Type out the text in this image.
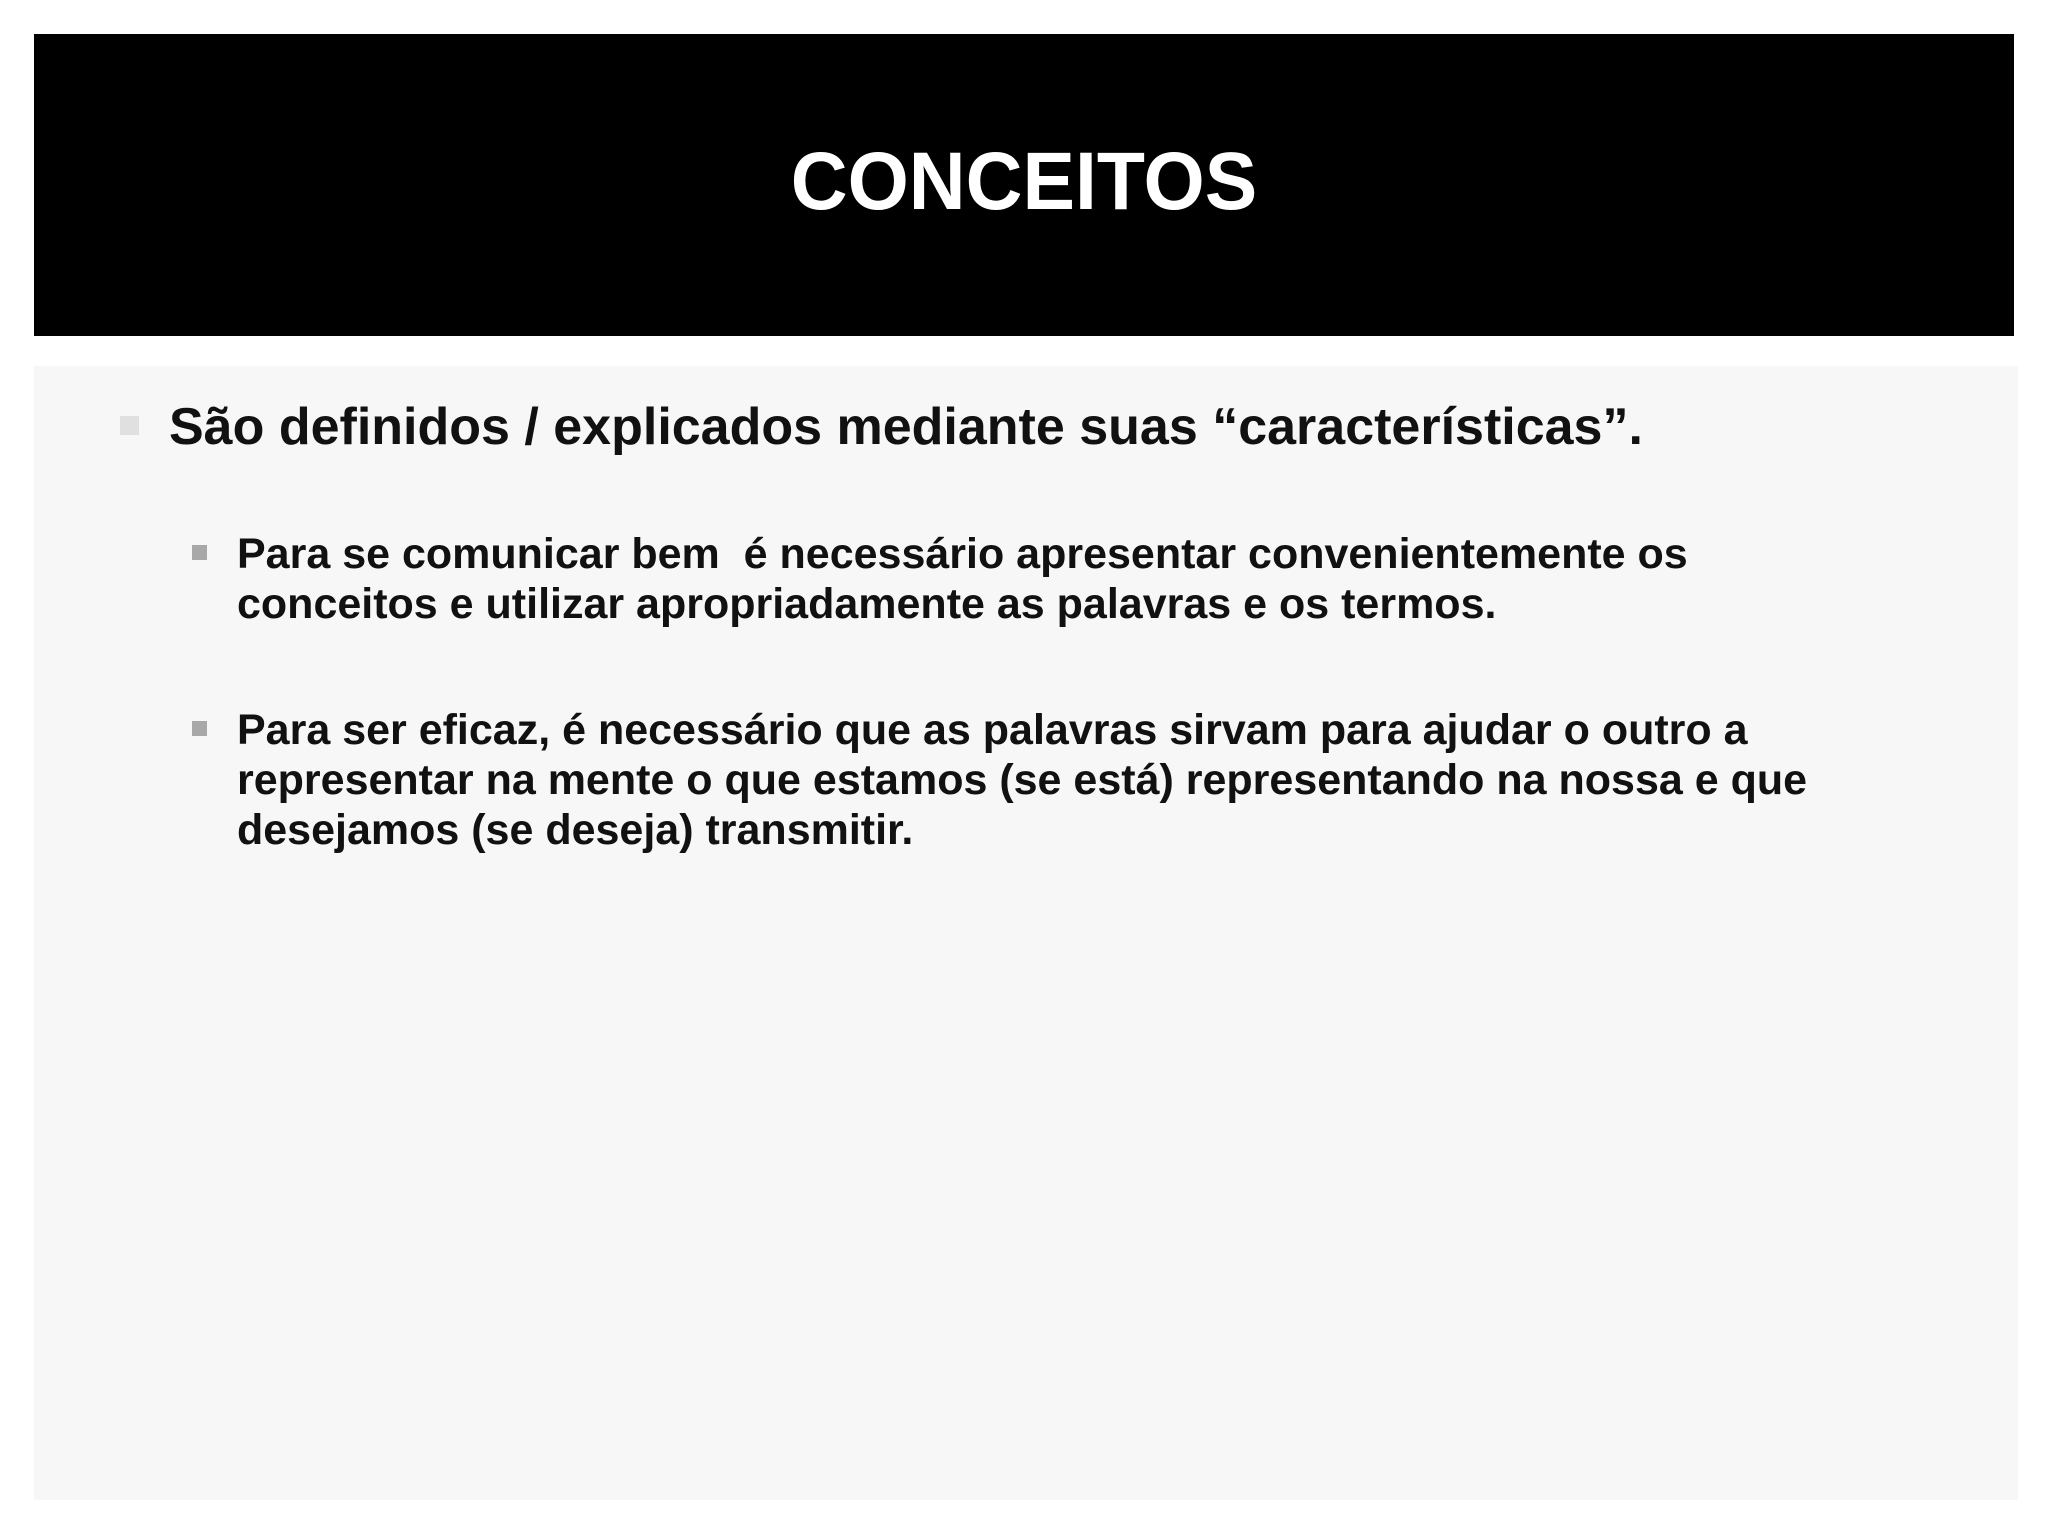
CONCEITOS
São definidos / explicados mediante suas “características”.
Para se comunicar bem  é necessário apresentar convenientemente os
conceitos e utilizar apropriadamente as palavras e os termos.
Para ser eficaz, é necessário que as palavras sirvam para ajudar o outro a
representar na mente o que estamos (se está) representando na nossa e que
desejamos (se deseja) transmitir.
